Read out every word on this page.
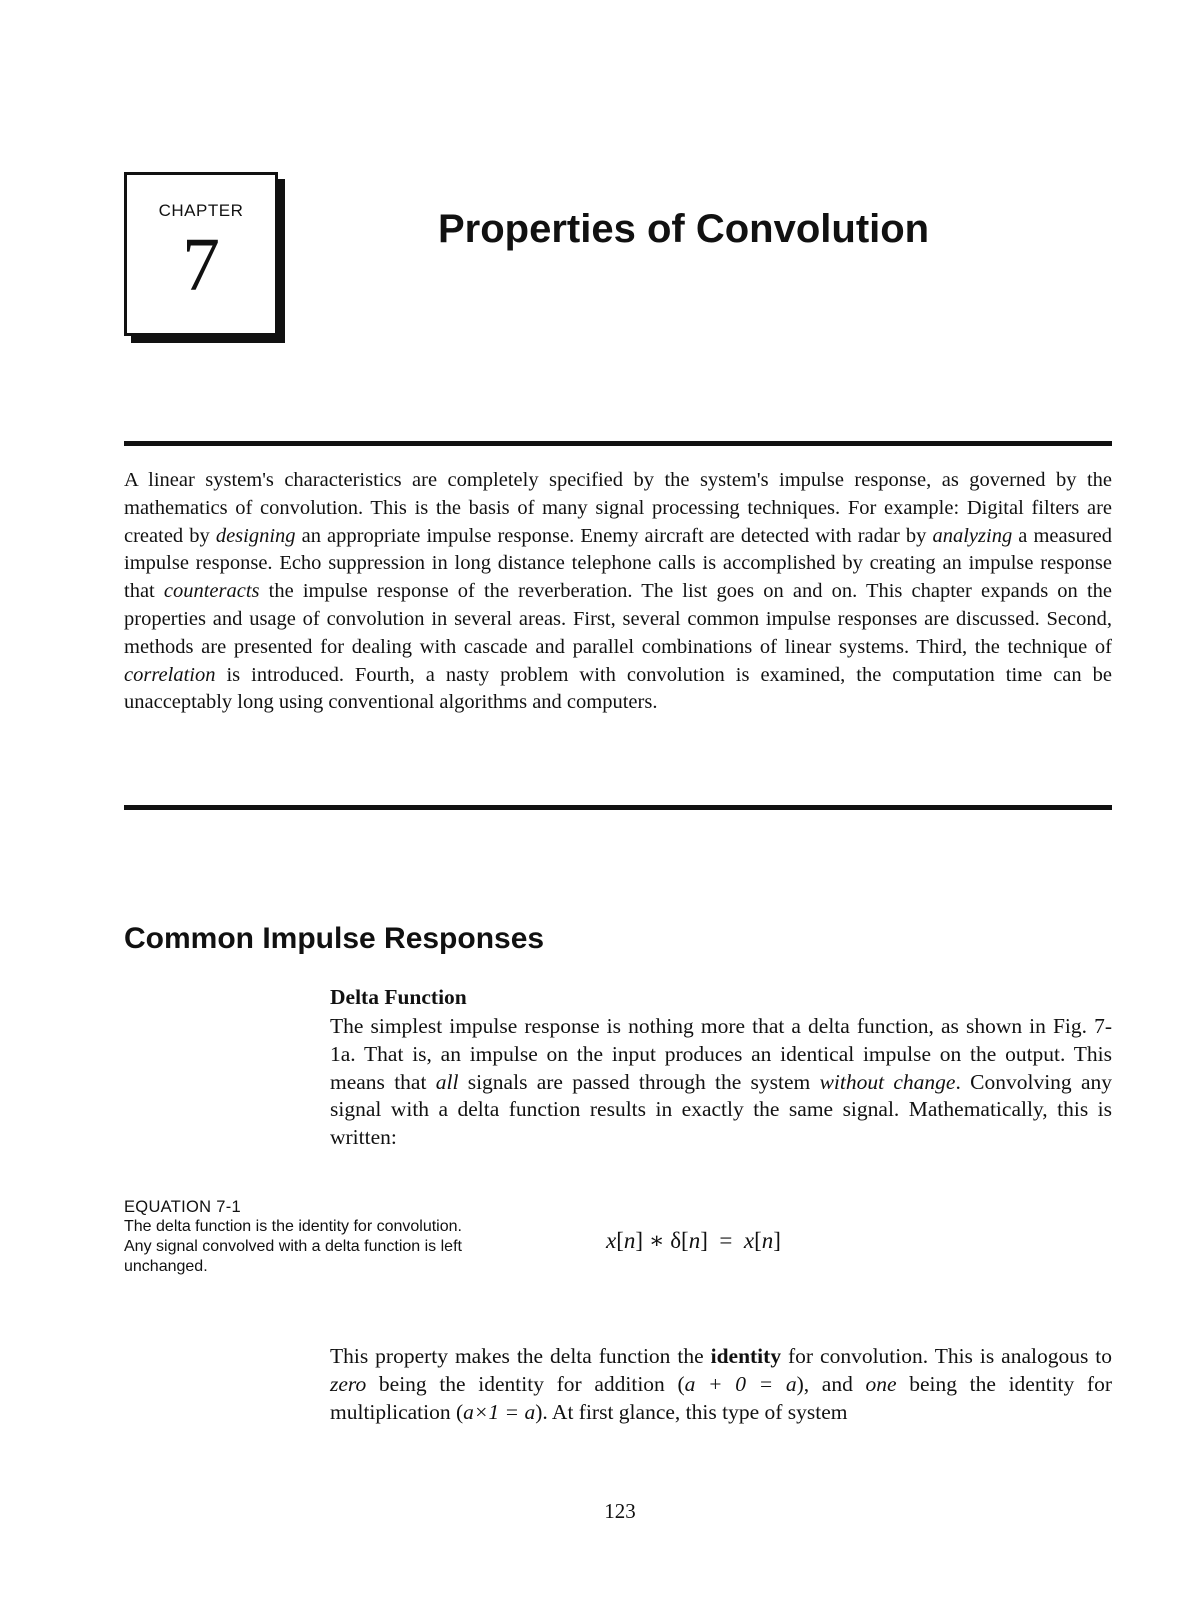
CHAPTER
7	Properties of Convolution

A linear system's characteristics are completely specified by the system's impulse response, as governed by the mathematics of convolution. This is the basis of many signal processing techniques. For example: Digital filters are created by designing an appropriate impulse response. Enemy aircraft are detected with radar by analyzing a measured impulse response. Echo suppression in long distance telephone calls is accomplished by creating an impulse response that counteracts the impulse response of the reverberation. The list goes on and on. This chapter expands on the properties and usage of convolution in several areas. First, several common impulse responses are discussed. Second, methods are presented for dealing with cascade and parallel combinations of linear systems. Third, the technique of correlation is introduced. Fourth, a nasty problem with convolution is examined, the computation time can be unacceptably long using conventional algorithms and computers.

Common Impulse Responses
Delta Function

The simplest impulse response is nothing more that a delta function, as shown in Fig. 7-1a. That is, an impulse on the input produces an identical impulse on the output. This means that all signals are passed through the system without change. Convolving any signal with a delta function results in exactly the same signal. Mathematically, this is written:

EQUATION 7-1
The delta function is the identity for convolution. Any signal convolved with a delta function is left unchanged.
x[n] ∗ δ[n]  = x[n]

This property makes the delta function the identity for convolution. This is analogous to zero being the identity for addition (a + 0 = a), and one being the identity for multiplication (a×1 = a). At first glance, this type of system

123
